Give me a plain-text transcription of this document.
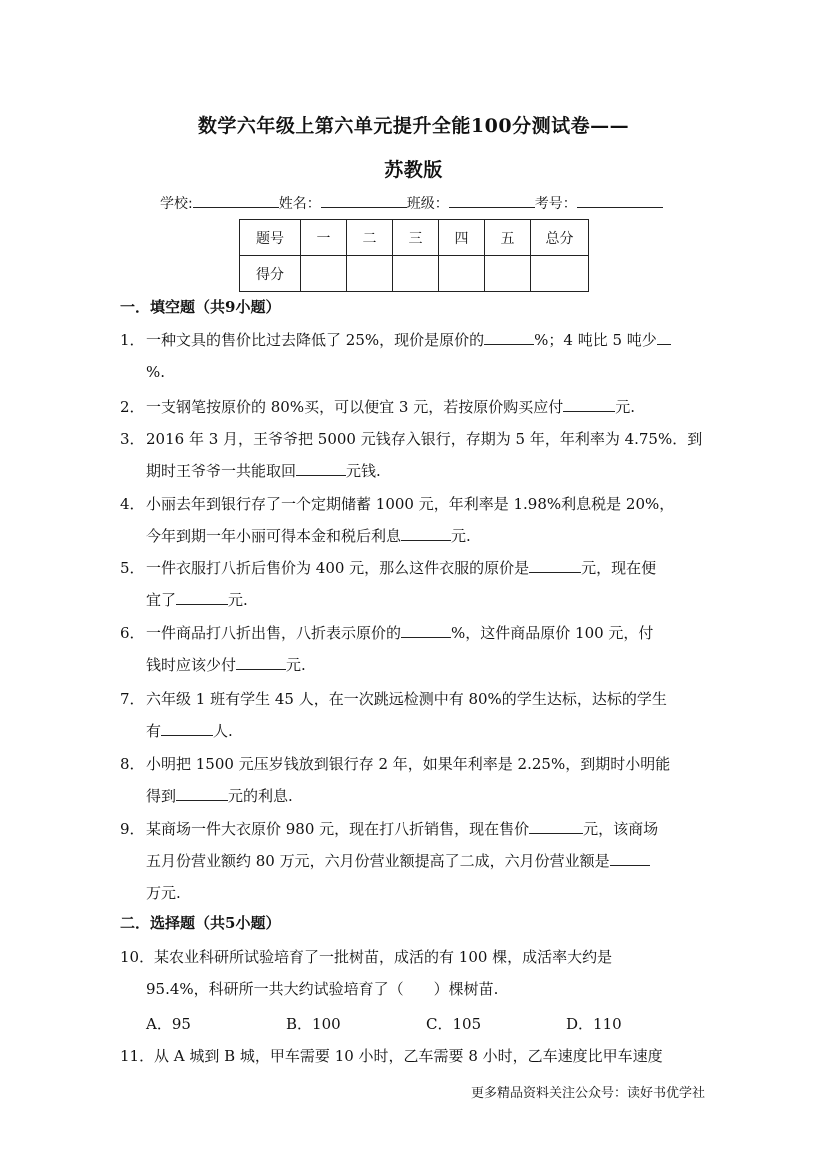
数学六年级上第六单元提升全能100分测试卷——
苏教版
学校:	姓名：	班级：	考号：
题号	一	二	三	四	五	总分
得分						
一．填空题（共9小题）
1．一种文具的售价比过去降低了 25%，现价是原价的	%；4 吨比 5 吨少
%.
2．一支钢笔按原价的 80%买，可以便宜 3 元，若按原价购买应付	元.
3．2016 年 3 月，王爷爷把 5000 元钱存入银行，存期为 5 年，年利率为 4.75%．到
期时王爷爷一共能取回	元钱.
4．小丽去年到银行存了一个定期储蓄 1000 元，年利率是 1.98%利息税是 20%，
今年到期一年小丽可得本金和税后利息	元.
5．一件衣服打八折后售价为 400 元，那么这件衣服的原价是	元，现在便
宜了	元.
6．一件商品打八折出售，八折表示原价的	%，这件商品原价 100 元，付
钱时应该少付	元.
7．六年级 1 班有学生 45 人，在一次跳远检测中有 80%的学生达标，达标的学生
有	人.
8．小明把 1500 元压岁钱放到银行存 2 年，如果年利率是 2.25%，到期时小明能
得到	元的利息.
9．某商场一件大衣原价 980 元，现在打八折销售，现在售价	元，该商场
五月份营业额约 80 万元，六月份营业额提高了二成，六月份营业额是
万元.
二．选择题（共5小题）
10．某农业科研所试验培育了一批树苗，成活的有 100 棵，成活率大约是
95.4%，科研所一共大约试验培育了（　　）棵树苗.
A．95	B．100	C．105	D．110
11．从 A 城到 B 城，甲车需要 10 小时，乙车需要 8 小时，乙车速度比甲车速度
更多精品资料关注公众号：读好书优学社
